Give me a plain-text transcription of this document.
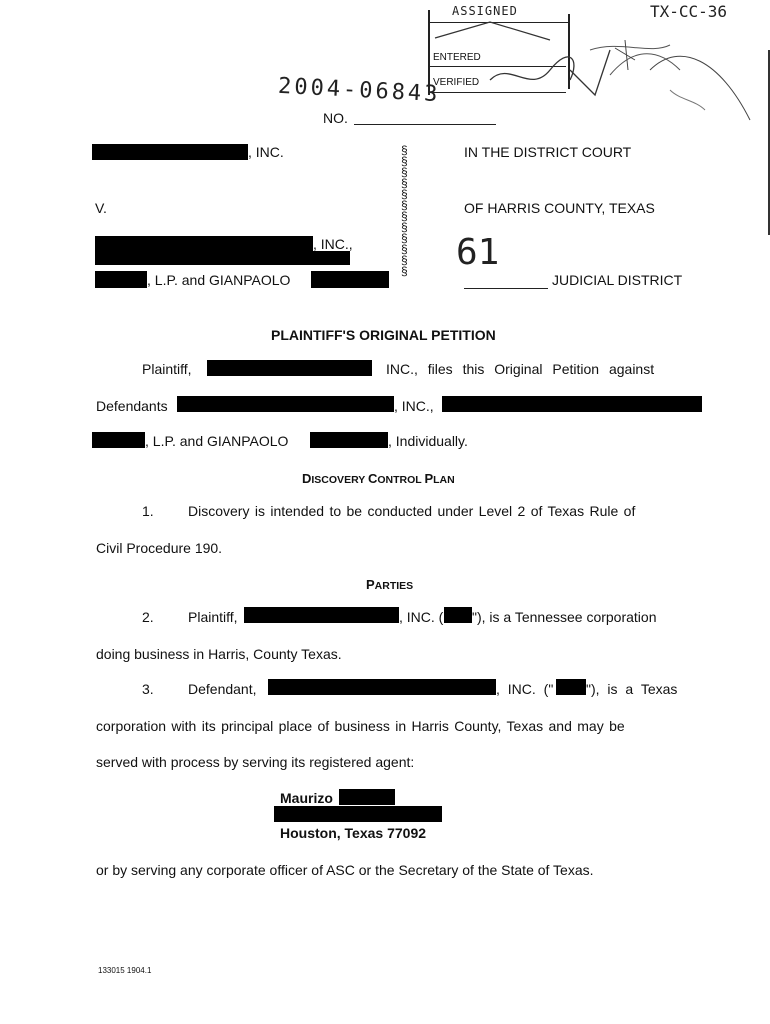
ASSIGNED
ENTERED
VERIFIED
TX-CC-36
2004-06843
NO.
, INC.
V.
, INC.,
, L.P. and GIANPAOLO
§
§
§
§
§
§
§
§
§
§
§
§
IN THE DISTRICT COURT
OF HARRIS COUNTY, TEXAS
61
JUDICIAL DISTRICT
PLAINTIFF'S ORIGINAL PETITION
Plaintiff,	INC., files this Original Petition against
Defendants	, INC.,
, L.P. and GIANPAOLO	, Individually.
DISCOVERY CONTROL PLAN
1. Discovery is intended to be conducted under Level 2 of Texas Rule of
Civil Procedure 190.
PARTIES
2. Plaintiff,	, INC. ( "), is a Tennessee corporation
doing business in Harris, County Texas.
3. Defendant,	, INC. (" "), is a Texas
corporation with its principal place of business in Harris County, Texas and may be
served with process by serving its registered agent:
Maurizo
Houston, Texas 77092
or by serving any corporate officer of ASC or the Secretary of the State of Texas.
133015 1904.1
